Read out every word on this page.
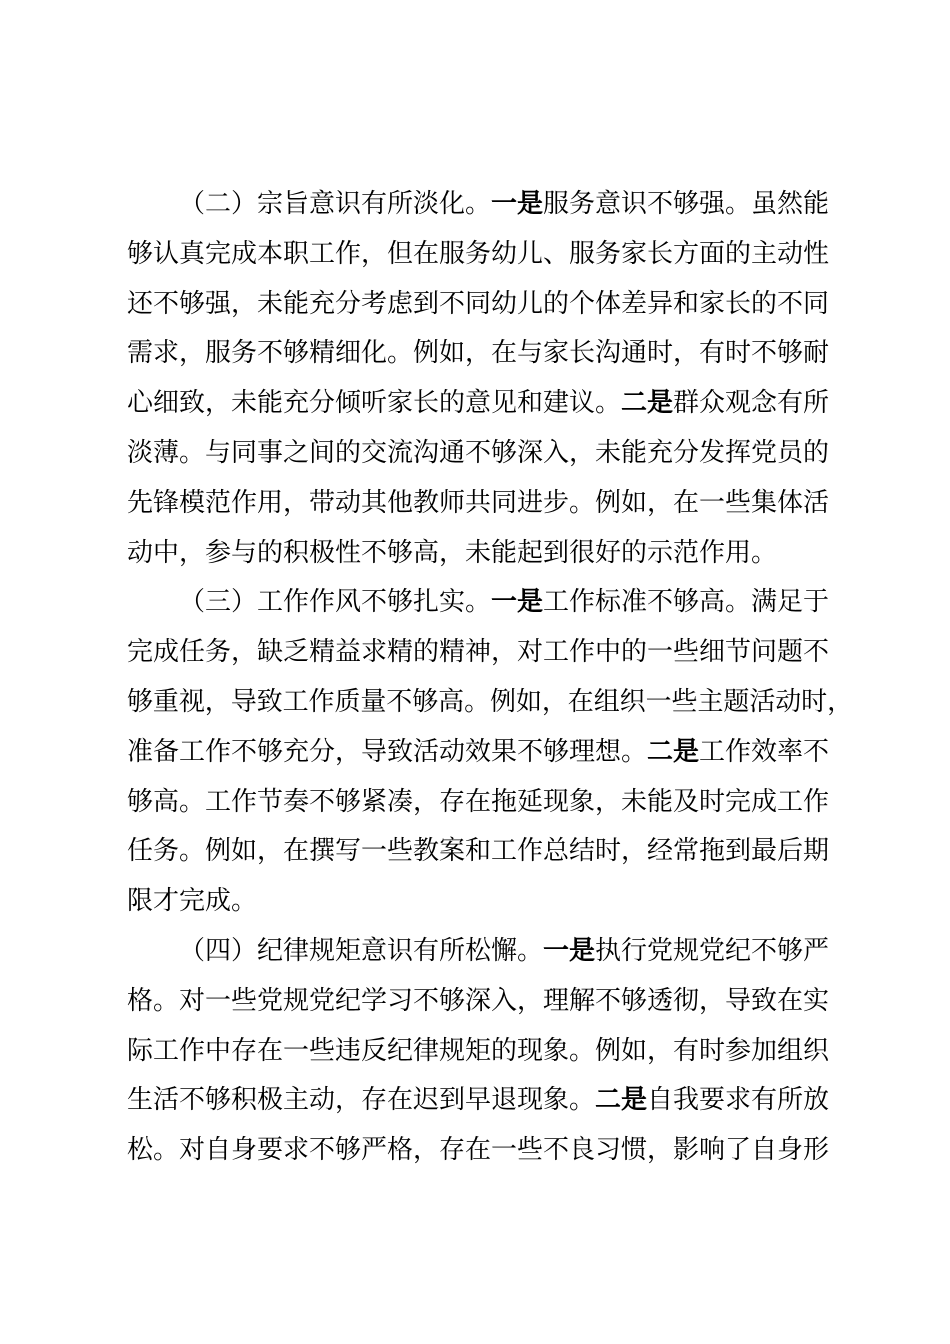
（二）宗旨意识有所淡化。一是服务意识不够强。虽然能
够认真完成本职工作，但在服务幼儿、服务家长方面的主动性
还不够强，未能充分考虑到不同幼儿的个体差异和家长的不同
需求，服务不够精细化。例如，在与家长沟通时，有时不够耐
心细致，未能充分倾听家长的意见和建议。二是群众观念有所
淡薄。与同事之间的交流沟通不够深入，未能充分发挥党员的
先锋模范作用，带动其他教师共同进步。例如，在一些集体活
动中，参与的积极性不够高，未能起到很好的示范作用。
（三）工作作风不够扎实。一是工作标准不够高。满足于
完成任务，缺乏精益求精的精神，对工作中的一些细节问题不
够重视，导致工作质量不够高。例如，在组织一些主题活动时，
准备工作不够充分，导致活动效果不够理想。二是工作效率不
够高。工作节奏不够紧凑，存在拖延现象，未能及时完成工作
任务。例如，在撰写一些教案和工作总结时，经常拖到最后期
限才完成。
（四）纪律规矩意识有所松懈。一是执行党规党纪不够严
格。对一些党规党纪学习不够深入，理解不够透彻，导致在实
际工作中存在一些违反纪律规矩的现象。例如，有时参加组织
生活不够积极主动，存在迟到早退现象。二是自我要求有所放
松。对自身要求不够严格，存在一些不良习惯，影响了自身形
